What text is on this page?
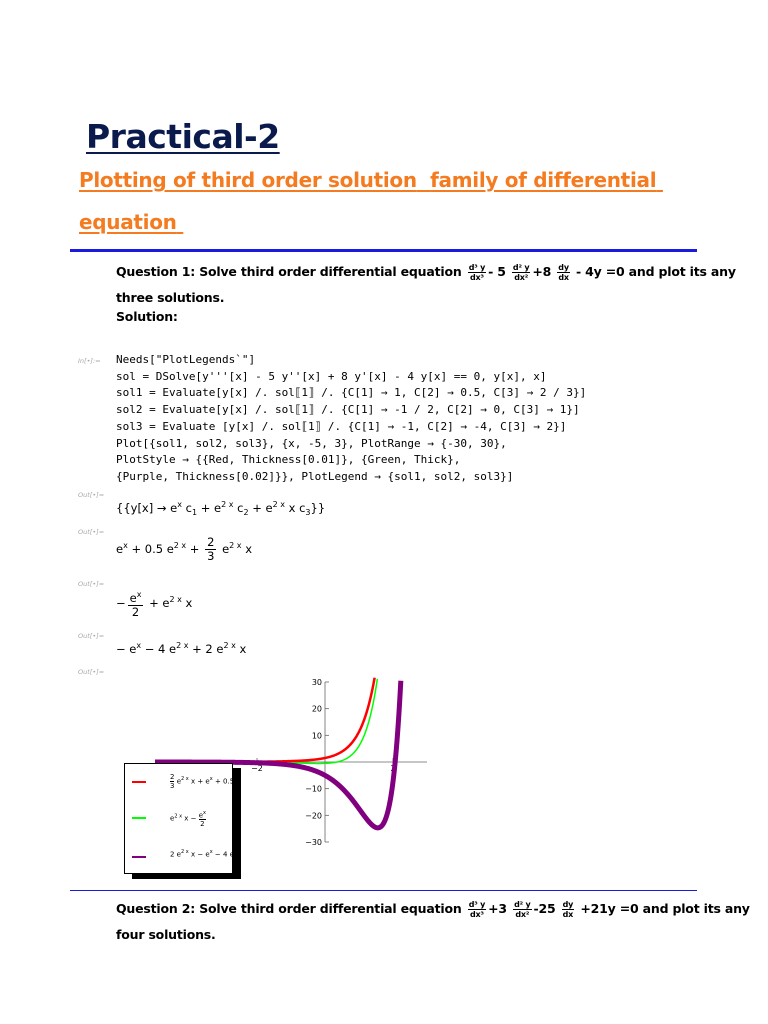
Practical-2
Plotting of third order solution family of differential
equation
Question 1: Solve third order differential equation $\frac{\text{d³ y}}{\text{dx³}} - 5 \frac{\text{d² y}}{\text{dx²}} +8 \frac{dy}{dx} - 4y =0$ and plot its any
three solutions.
Solution:
In[•]:= Needs["PlotLegends`"]
sol = DSolve[y'''[x] - 5 y''[x] + 8 y'[x] - 4 y[x] == 0, y[x], x]
sol1 = Evaluate[y[x] /. sol⟦1⟧ /. {C[1] → 1, C[2] → 0.5, C[3] → 2 / 3}]
sol2 = Evaluate[y[x] /. sol⟦1⟧ /. {C[1] → -1 / 2, C[2] → 0, C[3] → 1}]
sol3 = Evaluate [y[x] /. sol⟦1⟧ /. {C[1] → -1, C[2] → -4, C[3] → 2}]
Plot[{sol1, sol2, sol3}, {x, -5, 3}, PlotRange → {-30, 30},
PlotStyle → {{Red, Thickness[0.01]}, {Green, Thick},
{Purple, Thickness[0.02]}}, PlotLegend → {sol1, sol2, sol3}]
Out[•]=
{{$y[x] \to e^x$ $c_1 + e^{2 x}$ $c_2 + e^{2 x}$ x $c_3$}}
Out[•]=
$e^x + 0.5$ $e^{2 x} + \frac{2}{3} e^{2 x}$ x
Out[•]=
− $\frac{e^x}{2} + e^{2 x}$ x
Out[•]=
− $e^x - 4$ $e^{2 x} + 2$ $e^{2 x}$ x
Out[•]=
30
20
10
−10
−20
−30
−2	2
$\frac{2}{3} e^{2 x}$ $x + e^x + 0.5$
$e^{2 x}$ $x - \frac{e^x}{2}$
2 $e^{2 x}$ $x - e^x - 4$ $e^2$
Question 2: Solve third order differential equation $\frac{\text{d³ y}}{\text{dx³}} +3 \frac{\text{d² y}}{\text{dx²}} -25 \frac{dy}{dx} +21y =0$ and plot its any
four solutions.
